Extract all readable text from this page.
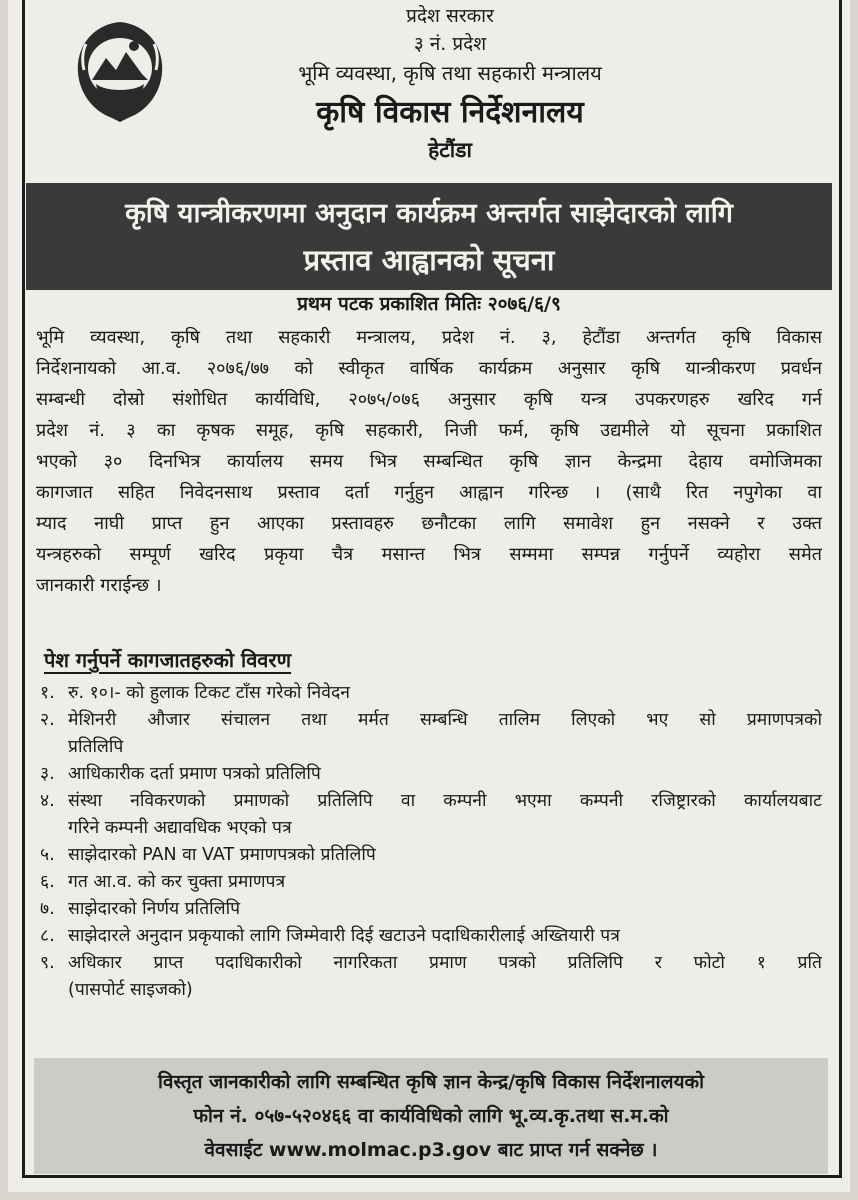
प्रदेश सरकार
३ नं. प्रदेश
भूमि व्यवस्था, कृषि तथा सहकारी मन्त्रालय
कृषि विकास निर्देशनालय
हेटौंडा
कृषि यान्त्रीकरणमा अनुदान कार्यक्रम अन्तर्गत साझेदारको लागि
प्रस्ताव आह्वानको सूचना
प्रथम पटक प्रकाशित मितिः २०७६/६/९
भूमि व्यवस्था, कृषि तथा सहकारी मन्त्रालय, प्रदेश नं. ३, हेटौंडा अन्तर्गत कृषि विकास
निर्देशनायको आ.व. २०७६/७७ को स्वीकृत वार्षिक कार्यक्रम अनुसार कृषि यान्त्रीकरण प्रवर्धन
सम्बन्धी दोस्रो संशोधित कार्यविधि, २०७५/०७६ अनुसार कृषि यन्त्र उपकरणहरु खरिद गर्न
प्रदेश नं. ३ का कृषक समूह, कृषि सहकारी, निजी फर्म, कृषि उद्यमीले यो सूचना प्रकाशित
भएको ३० दिनभित्र कार्यालय समय भित्र सम्बन्धित कृषि ज्ञान केन्द्रमा देहाय वमोजिमका
कागजात सहित निवेदनसाथ प्रस्ताव दर्ता गर्नुहुन आह्वान गरिन्छ । (साथै रित नपुगेका वा
म्याद नाघी प्राप्त हुन आएका प्रस्तावहरु छनौटका लागि समावेश हुन नसक्ने र उक्त
यन्त्रहरुको सम्पूर्ण खरिद प्रकृया चैत्र मसान्त भित्र सम्ममा सम्पन्न गर्नुपर्ने व्यहोरा समेत
जानकारी गराईन्छ ।
पेश गर्नुपर्ने कागजातहरुको विवरण
१. रु. १०।- को हुलाक टिकट टाँस गरेको निवेदन
२. मेशिनरी औजार संचालन तथा मर्मत सम्बन्धि तालिम लिएको भए सो प्रमाणपत्रको
प्रतिलिपि
३. आधिकारीक दर्ता प्रमाण पत्रको प्रतिलिपि
४. संस्था नविकरणको प्रमाणको प्रतिलिपि वा कम्पनी भएमा कम्पनी रजिष्ट्रारको कार्यालयबाट
गरिने कम्पनी अद्यावधिक भएको पत्र
५. साझेदारको PAN वा VAT प्रमाणपत्रको प्रतिलिपि
६. गत आ.व. को कर चुक्ता प्रमाणपत्र
७. साझेदारको निर्णय प्रतिलिपि
८. साझेदारले अनुदान प्रकृयाको लागि जिम्मेवारी दिई खटाउने पदाधिकारीलाई अख्तियारी पत्र
९. अधिकार प्राप्त पदाधिकारीको नागरिकता प्रमाण पत्रको प्रतिलिपि र फोटो १ प्रति
(पासपोर्ट साइजको)
विस्तृत जानकारीको लागि सम्बन्धित कृषि ज्ञान केन्द्र/कृषि विकास निर्देशनालयको
फोन नं. ०५७-५२०४६६ वा कार्यविधिको लागि भू.व्य.कृ.तथा स.म.को
वेवसाईट www.molmac.p3.gov बाट प्राप्त गर्न सक्नेछ ।
